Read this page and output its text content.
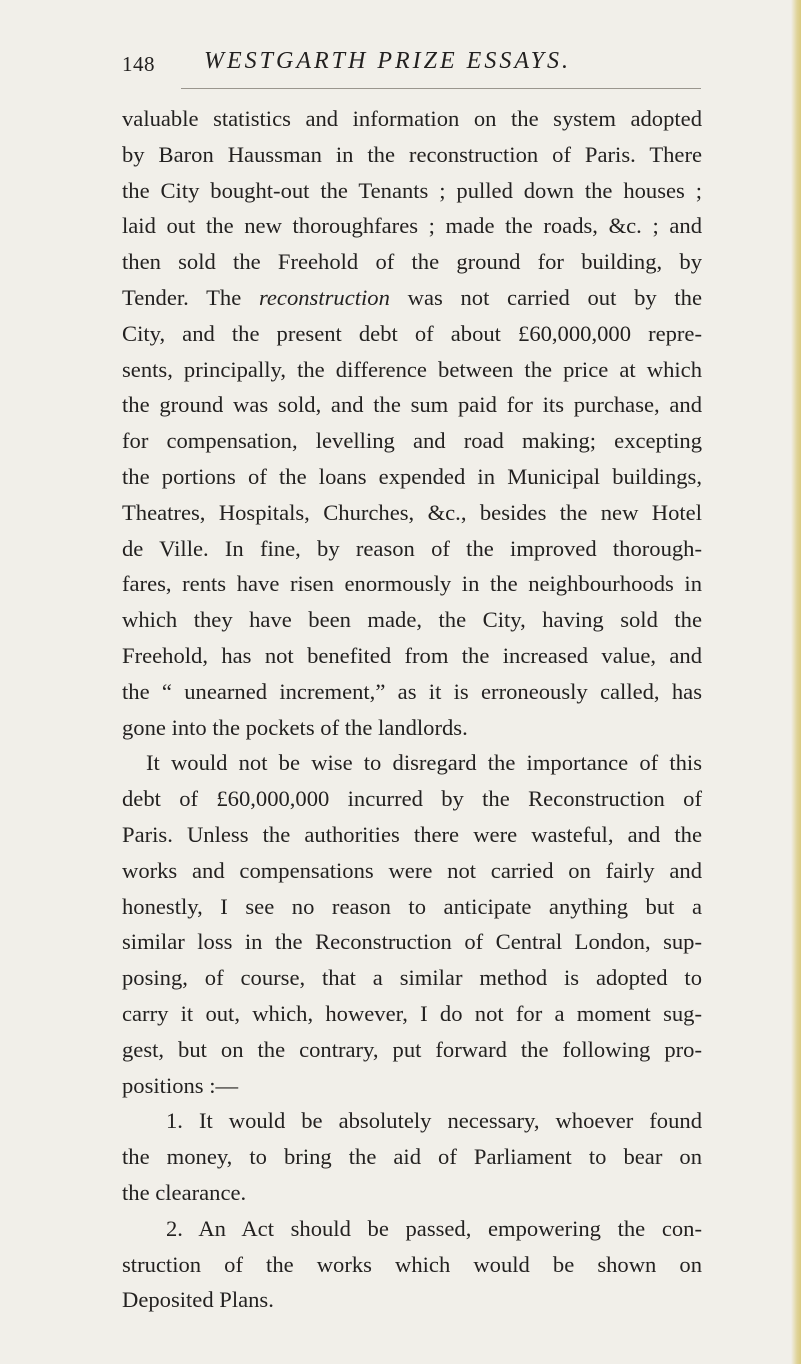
148 WESTGARTH PRIZE ESSAYS.
valuable statistics and information on the system adopted
by Baron Haussman in the reconstruction of Paris. There
the City bought-out the Tenants ; pulled down the houses ;
laid out the new thoroughfares ; made the roads, &c. ; and
then sold the Freehold of the ground for building, by
Tender. The reconstruction was not carried out by the
City, and the present debt of about £60,000,000 repre-
sents, principally, the difference between the price at which
the ground was sold, and the sum paid for its purchase, and
for compensation, levelling and road making; excepting
the portions of the loans expended in Municipal buildings,
Theatres, Hospitals, Churches, &c., besides the new Hotel
de Ville. In fine, by reason of the improved thorough-
fares, rents have risen enormously in the neighbourhoods in
which they have been made, the City, having sold the
Freehold, has not benefited from the increased value, and
the “ unearned increment,” as it is erroneously called, has
gone into the pockets of the landlords.
It would not be wise to disregard the importance of this
debt of £60,000,000 incurred by the Reconstruction of
Paris. Unless the authorities there were wasteful, and the
works and compensations were not carried on fairly and
honestly, I see no reason to anticipate anything but a
similar loss in the Reconstruction of Central London, sup-
posing, of course, that a similar method is adopted to
carry it out, which, however, I do not for a moment sug-
gest, but on the contrary, put forward the following pro-
positions :—
1. It would be absolutely necessary, whoever found
the money, to bring the aid of Parliament to bear on
the clearance.
2. An Act should be passed, empowering the con-
struction of the works which would be shown on
Deposited Plans.
